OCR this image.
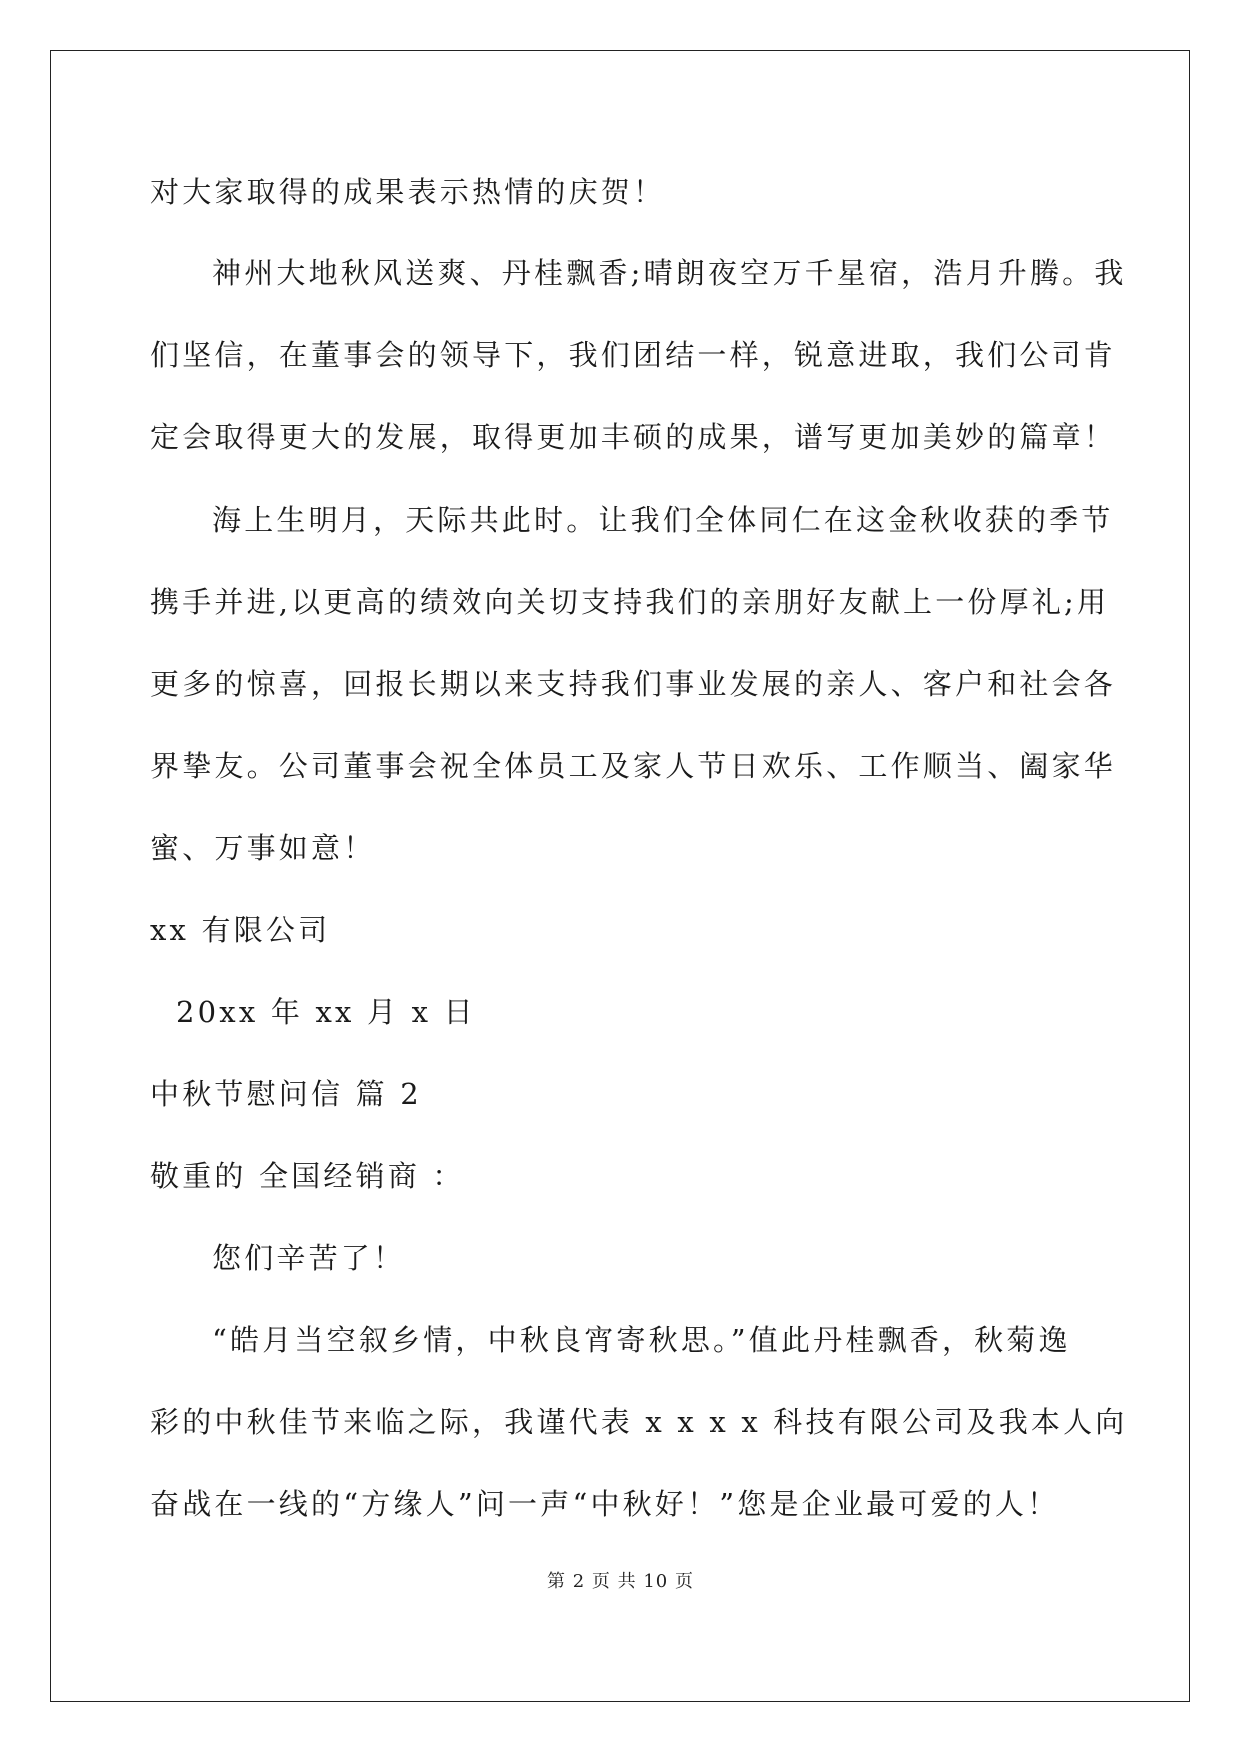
对大家取得的成果表示热情的庆贺！
神州大地秋风送爽、丹桂飘香;晴朗夜空万千星宿，浩月升腾。我
们坚信，在董事会的领导下，我们团结一样，锐意进取，我们公司肯
定会取得更大的发展，取得更加丰硕的成果，谱写更加美妙的篇章！
海上生明月，天际共此时。让我们全体同仁在这金秋收获的季节
携手并进,以更高的绩效向关切支持我们的亲朋好友献上一份厚礼;用
更多的惊喜，回报长期以来支持我们事业发展的亲人、客户和社会各
界挚友。公司董事会祝全体员工及家人节日欢乐、工作顺当、阖家华
蜜、万事如意！
xx 有限公司
20xx 年 xx 月 x 日
中秋节慰问信 篇 2
敬重的 全国经销商 ：
您们辛苦了！
“皓月当空叙乡情，中秋良宵寄秋思。”值此丹桂飘香，秋菊逸
彩的中秋佳节来临之际，我谨代表 x x x x 科技有限公司及我本人向
奋战在一线的“方缘人”问一声“中秋好！”您是企业最可爱的人！
第 2 页 共 10 页
